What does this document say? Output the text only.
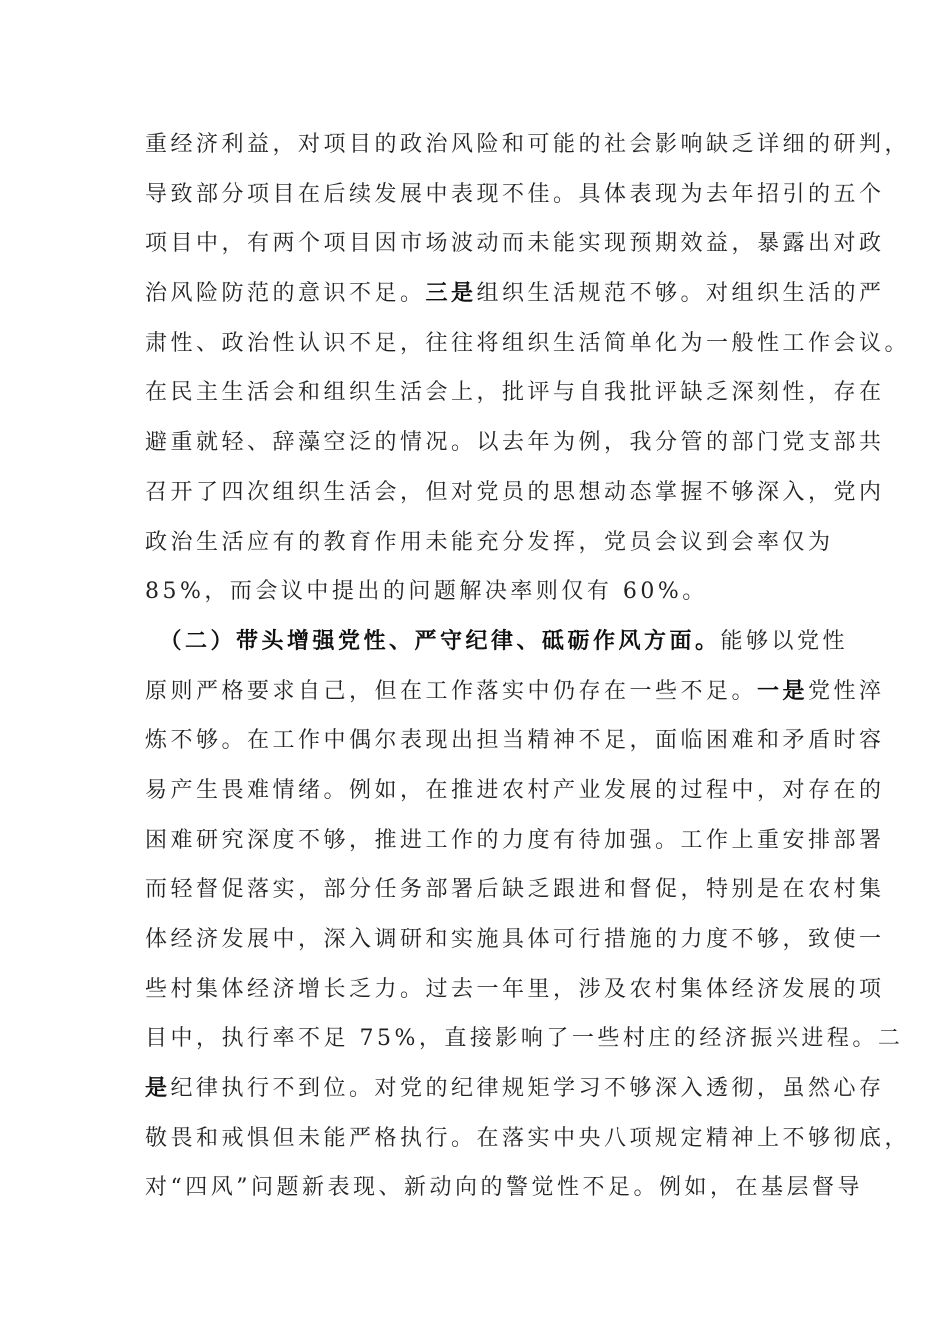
重经济利益，对项目的政治风险和可能的社会影响缺乏详细的研判，
导致部分项目在后续发展中表现不佳。具体表现为去年招引的五个
项目中，有两个项目因市场波动而未能实现预期效益，暴露出对政
治风险防范的意识不足。三是组织生活规范不够。对组织生活的严
肃性、政治性认识不足，往往将组织生活简单化为一般性工作会议。
在民主生活会和组织生活会上，批评与自我批评缺乏深刻性，存在
避重就轻、辞藻空泛的情况。以去年为例，我分管的部门党支部共
召开了四次组织生活会，但对党员的思想动态掌握不够深入，党内
政治生活应有的教育作用未能充分发挥，党员会议到会率仅为
85%，而会议中提出的问题解决率则仅有 60%。
　（二）带头增强党性、严守纪律、砥砺作风方面。能够以党性
原则严格要求自己，但在工作落实中仍存在一些不足。一是党性淬
炼不够。在工作中偶尔表现出担当精神不足，面临困难和矛盾时容
易产生畏难情绪。例如，在推进农村产业发展的过程中，对存在的
困难研究深度不够，推进工作的力度有待加强。工作上重安排部署
而轻督促落实，部分任务部署后缺乏跟进和督促，特别是在农村集
体经济发展中，深入调研和实施具体可行措施的力度不够，致使一
些村集体经济增长乏力。过去一年里，涉及农村集体经济发展的项
目中，执行率不足 75%，直接影响了一些村庄的经济振兴进程。二
是纪律执行不到位。对党的纪律规矩学习不够深入透彻，虽然心存
敬畏和戒惧但未能严格执行。在落实中央八项规定精神上不够彻底，
对“四风”问题新表现、新动向的警觉性不足。例如，在基层督导
